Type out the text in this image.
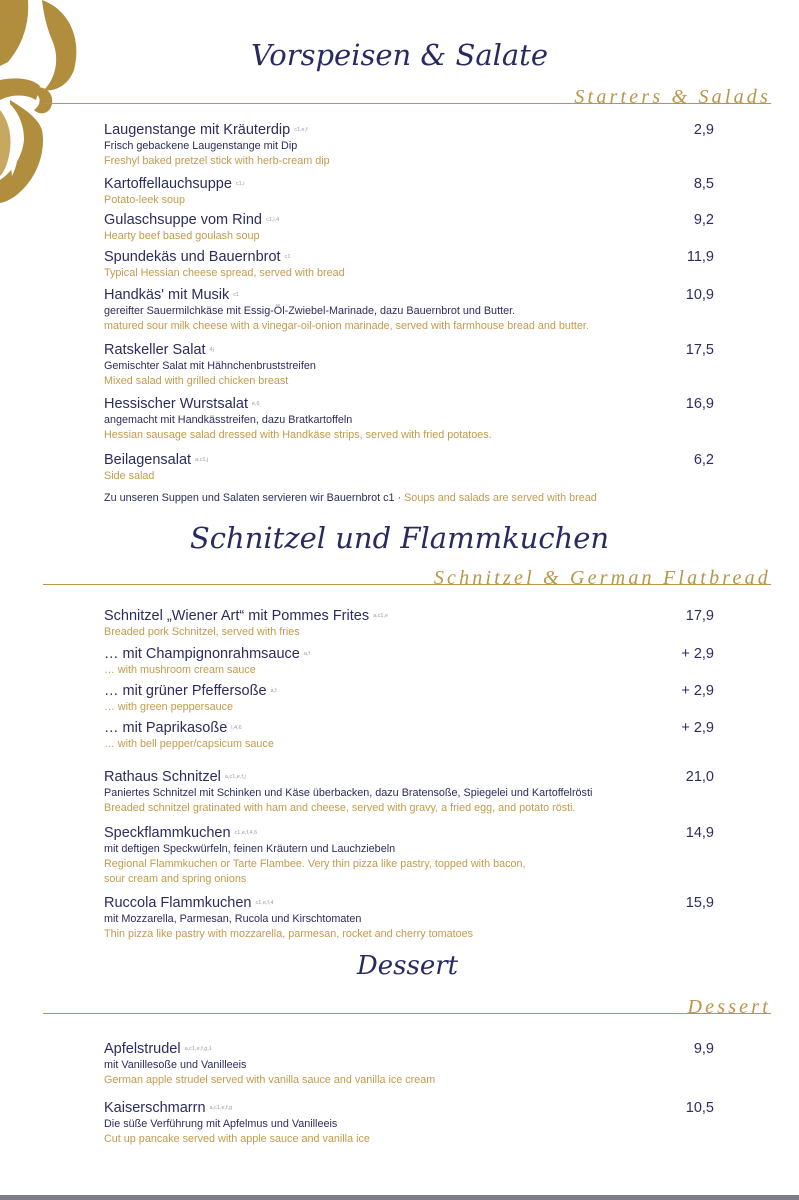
Vorspeisen & Salate
Starters & Salads
Laugenstange mit Kräuterdip c1,e,f
Frisch gebackene Laugenstange mit Dip
Freshyl baked pretzel stick with herb-cream dip
2,9
Kartoffellauchsuppe c1,i
Potato-leek soup
8,5
Gulaschsuppe vom Rind c1,i,4
Hearty beef based goulash soup
9,2
Spundekäs und Bauernbrot c1
Typical Hessian cheese spread, served with bread
11,9
Handkäs' mit Musik c1
gereifter Sauermilchkäse mit Essig-Öl-Zwiebel-Marinade, dazu Bauernbrot und Butter.
matured sour milk cheese with a vinegar-oil-onion marinade, served with farmhouse bread and butter.
10,9
Ratskeller Salat 4j
Gemischter Salat mit Hähnchenbruststreifen
Mixed salad with grilled chicken breast
17,5
Hessischer Wurstsalat e,6
angemacht mit Handkässtreifen, dazu Bratkartoffeln
Hessian sausage salad dressed with Handkäse strips, served with fried potatoes.
16,9
Beilagensalat a,c1,j
Side salad
6,2
Zu unseren Suppen und Salaten servieren wir Bauernbrot c1 · Soups and salads are served with bread
Schnitzel und Flammkuchen
Schnitzel & German Flatbread
Schnitzel „Wiener Art“ mit Pommes Frites a,c1,e
Breaded pork Schnitzel, served with fries
17,9
… mit Champignonrahmsauce a,f
… with mushroom cream sauce
+ 2,9
… mit grüner Pfeffersoße a,f
… with green peppersauce
+ 2,9
… mit Paprikasoße i,4,6
… with bell pepper/capsicum sauce
+ 2,9
Rathaus Schnitzel a,c1,e,f,j
Paniertes Schnitzel mit Schinken und Käse überbacken, dazu Bratensoße, Spiegelei und Kartoffelrösti
Breaded schnitzel gratinated with ham and cheese, served with gravy, a fried egg, and potato rösti.
21,0
Speckflammkuchen c1,e,f,4,6
mit deftigen Speckwürfeln, feinen Kräutern und Lauchziebeln
Regional Flammkuchen or Tarte Flambee. Very thin pizza like pastry, topped with bacon,
sour cream and spring onions
14,9
Ruccola Flammkuchen c1,e,f,4
mit Mozzarella, Parmesan, Rucola und Kirschtomaten
Thin pizza like pastry with mozzarella, parmesan, rocket and cherry tomatoes
15,9
Dessert
Dessert
Apfelstrudel a,c1,e,f,g,1
mit Vanillesoße und Vanilleeis
German apple strudel served with vanilla sauce and vanilla ice cream
9,9
Kaiserschmarrn a,c1,e,f,g
Die süße Verführung mit Apfelmus und Vanilleeis
Cut up pancake served with apple sauce and vanilla ice
10,5
